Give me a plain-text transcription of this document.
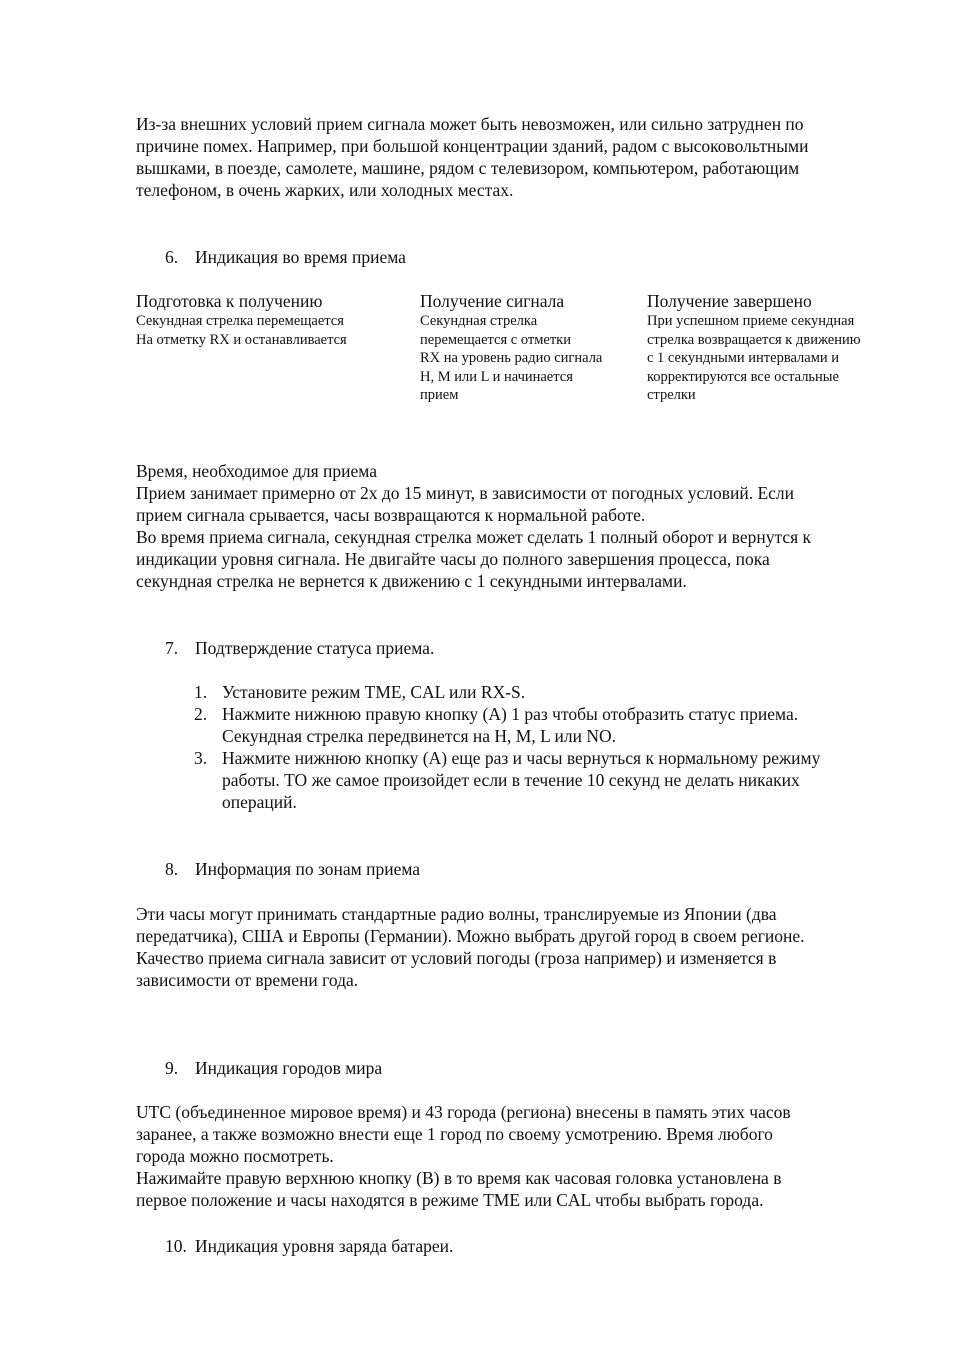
Из-за внешних условий прием сигнала может быть невозможен, или сильно затруднен по
причине помех. Например, при большой концентрации зданий, радом с высоковольтными
вышками, в поезде, самолете, машине, рядом с телевизором, компьютером, работающим
телефоном, в очень жарких, или холодных местах.

6. Индикация во время приема
Подготовка к получению
Секундная стрелка перемещается
На отметку RX и останавливается
Получение сигнала
Секундная стрелка
перемещается с отметки
RX на уровень радио сигнала
H, M или L и начинается
прием
Получение завершено
При успешном приеме секундная
стрелка возвращается к движению
с 1 секундными интервалами и
корректируются все остальные
стрелки

Время, необходимое для приема

Прием занимает примерно от 2х до 15 минут, в зависимости от погодных условий. Если
прием сигнала срывается, часы возвращаются к нормальной работе.
Во время приема сигнала, секундная стрелка может сделать 1 полный оборот и вернутся к
индикации уровня сигнала. Не двигайте часы до полного завершения процесса, пока
секундная стрелка не вернется к движению с 1 секундными интервалами.

7. Подтверждение статуса приема.
1. Установите режим TME, CAL или RX-S.
2. Нажмите нижнюю правую кнопку (A) 1 раз чтобы отобразить статус приема.
Секундная стрелка передвинется на H, M, L или NO.
3. Нажмите нижнюю кнопку (А) еще раз и часы вернуться к нормальному режиму
работы. ТО же самое произойдет если в течение 10 секунд не делать никаких
операций.
8. Информация по зонам приема

Эти часы могут принимать стандартные радио волны, транслируемые из Японии (два
передатчика), США и Европы (Германии). Можно выбрать другой город в своем регионе.
Качество приема сигнала зависит от условий погоды (гроза например) и изменяется в
зависимости от времени года.

9. Индикация городов мира

UTC (объединенное мировое время) и 43 города (региона) внесены в память этих часов
заранее, а также возможно внести еще 1 город по своему усмотрению. Время любого
города можно посмотреть.
Нажимайте правую верхнюю кнопку (В) в то время как часовая головка установлена в
первое положение и часы находятся в режиме TME или CAL чтобы выбрать города.

10. Индикация уровня заряда батареи.
